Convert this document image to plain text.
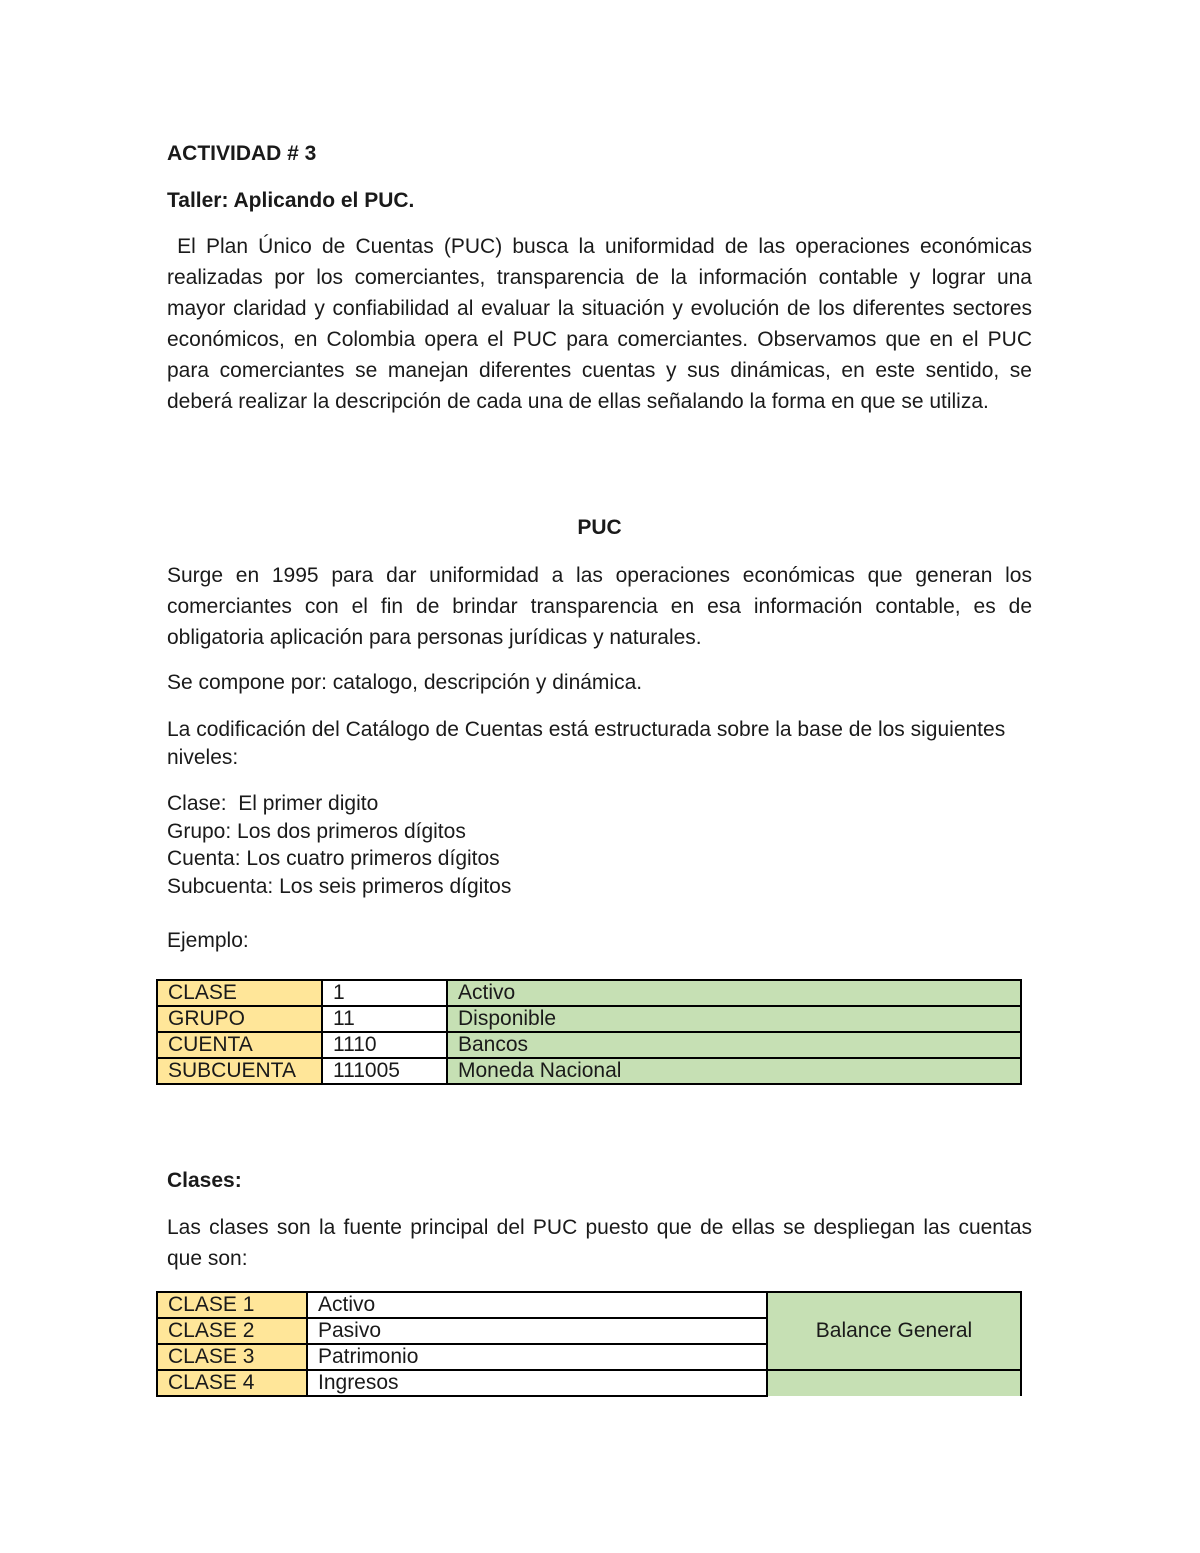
ACTIVIDAD # 3
Taller: Aplicando el PUC.
El Plan Único de Cuentas (PUC) busca la uniformidad de las operaciones económicas realizadas por los comerciantes, transparencia de la información contable y lograr una mayor claridad y confiabilidad al evaluar la situación y evolución de los diferentes sectores económicos, en Colombia opera el PUC para comerciantes. Observamos que en el PUC para comerciantes se manejan diferentes cuentas y sus dinámicas, en este sentido, se deberá realizar la descripción de cada una de ellas señalando la forma en que se utiliza.
PUC
Surge en 1995 para dar uniformidad a las operaciones económicas que generan los comerciantes con el fin de brindar transparencia en esa información contable, es de obligatoria aplicación para personas jurídicas y naturales.
Se compone por: catalogo, descripción y dinámica.
La codificación del Catálogo de Cuentas está estructurada sobre la base de los siguientes niveles:
Clase:  El primer digito
Grupo: Los dos primeros dígitos
Cuenta: Los cuatro primeros dígitos
Subcuenta: Los seis primeros dígitos
Ejemplo:
CLASE	1	Activo
GRUPO	11	Disponible
CUENTA	1110	Bancos
SUBCUENTA	111005	Moneda Nacional
Clases:
Las clases son la fuente principal del PUC puesto que de ellas se despliegan las cuentas que son:
CLASE 1	Activo	Balance General
CLASE 2	Pasivo	
CLASE 3	Patrimonio	
CLASE 4	Ingresos	
